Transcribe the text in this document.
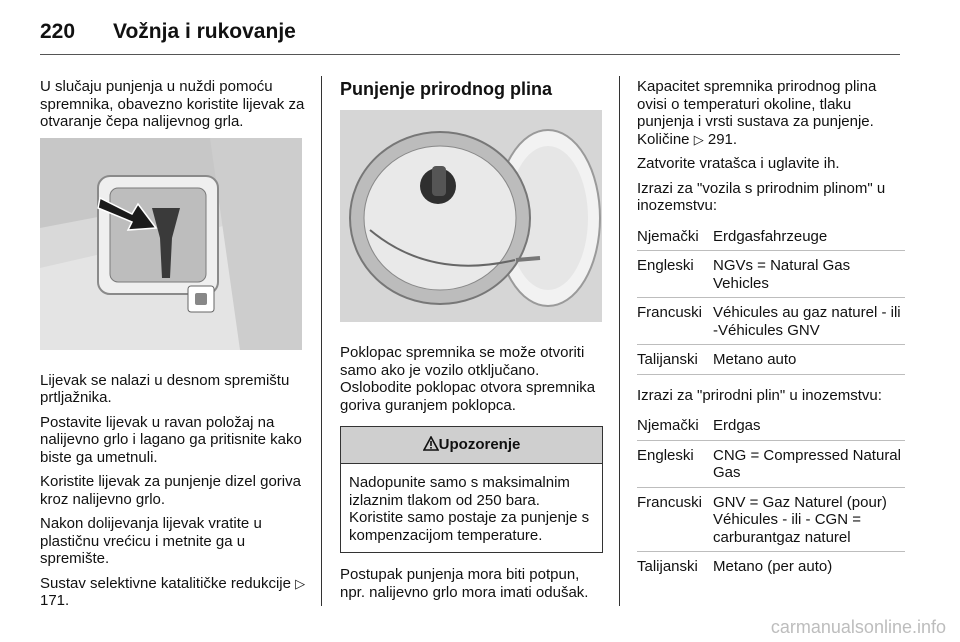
220 Vožnja i rukovanje

U slučaju punjenja u nuždi pomoću spremnika, obavezno koristite lijevak za otvaranje čepa nalijevnog grla.

Lijevak se nalazi u desnom spremištu prtljažnika.

Postavite lijevak u ravan položaj na nalijevno grlo i lagano ga pritisnite kako biste ga umetnuli.

Koristite lijevak za punjenje dizel goriva kroz nalijevno grlo.

Nakon dolijevanja lijevak vratite u plastičnu vrećicu i metnite ga u spremište.

Sustav selektivne katalitičke redukcije ▷ 171.

Punjenje prirodnog plina

Poklopac spremnika se može otvoriti samo ako je vozilo otključano. Oslobodite poklopac otvora spremnika goriva guranjem poklopca.

Upozorenje
Nadopunite samo s maksimalnim izlaznim tlakom od 250 bara. Koristite samo postaje za punjenje s kompenzacijom temperature.

Postupak punjenja mora biti potpun, npr. nalijevno grlo mora imati odušak.

Kapacitet spremnika prirodnog plina ovisi o temperaturi okoline, tlaku punjenja i vrsti sustava za punjenje. Količine ▷ 291.

Zatvorite vratašca i uglavite ih.

Izrazi za "vozila s prirodnim plinom" u inozemstvu:

Njemački Erdgasfahrzeuge
Engleski	NGVs = Natural Gas Vehicles
Francuski Véhicules au gaz naturel - ili -Véhicules GNV
Talijanski	Metano auto

Izrazi za "prirodni plin" u inozemstvu:

Njemački Erdgas
Engleski	CNG = Compressed Natural Gas
Francuski GNV = Gaz Naturel (pour) Véhicules - ili - CGN = carburantgaz naturel
Talijanski	Metano (per auto)
carmanualsonline.info
